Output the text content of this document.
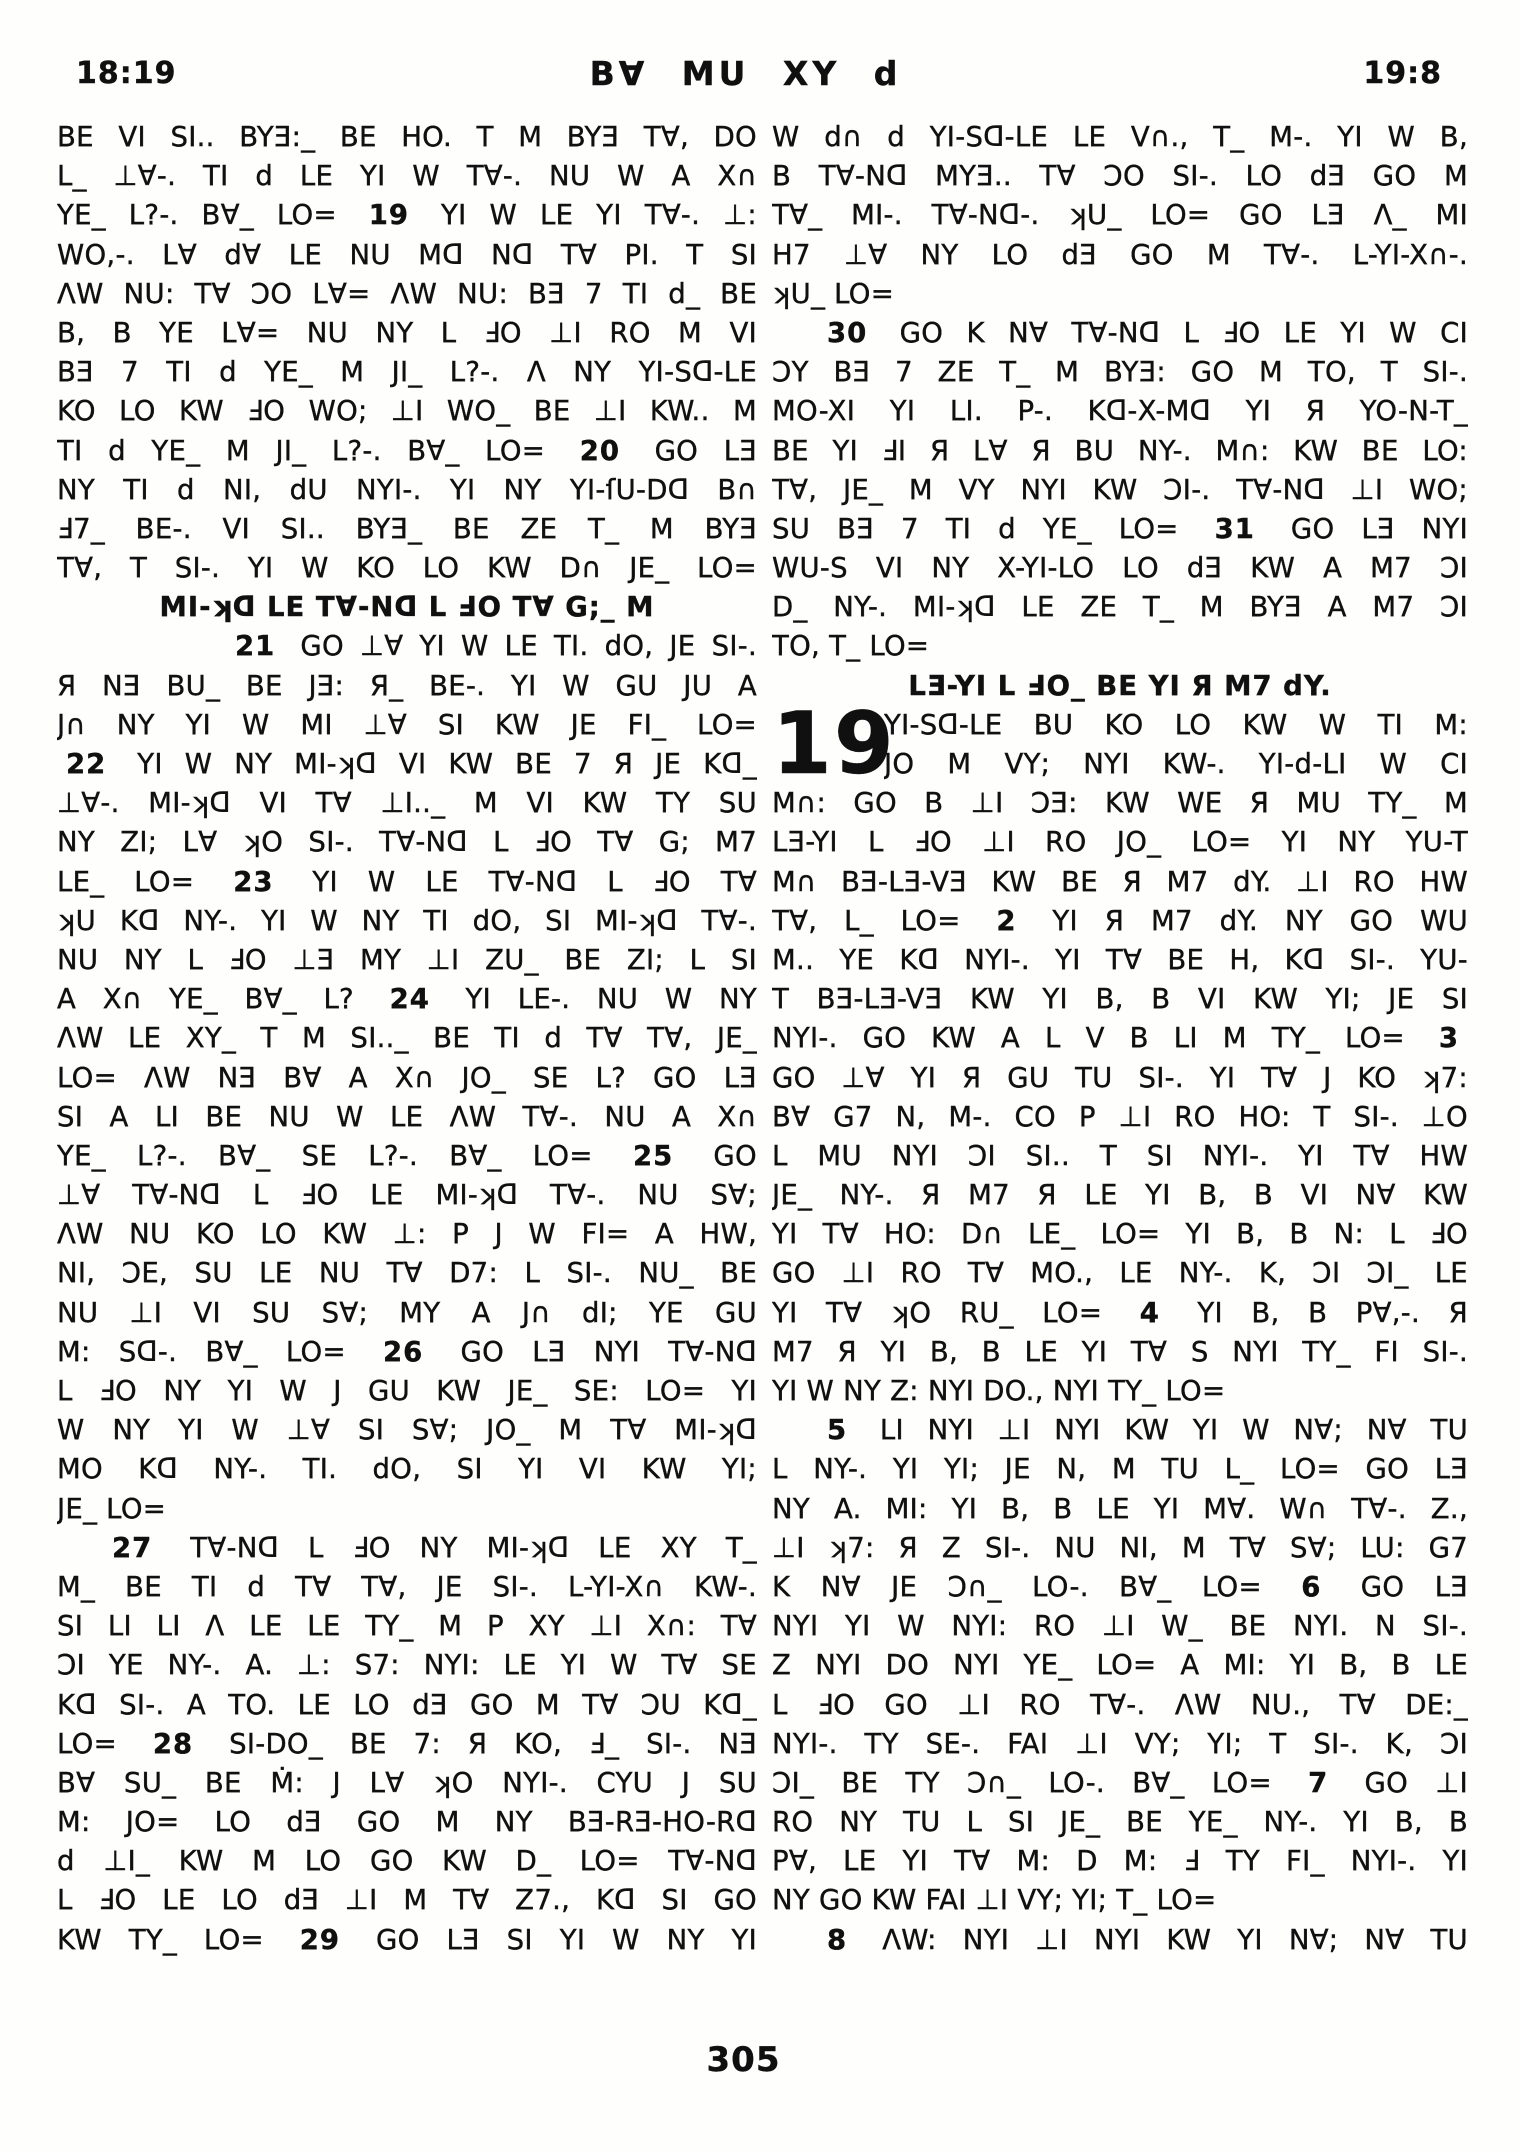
18:19	B∀ MU XY d	19:8
BE VI SI.. BYƎ:_ BE HO. T M BYƎ T∀, DO
L_ ⊥∀-. TI d LE YI W T∀-. NU W A X∩
YE_ L?-. B∀_ LO= 19 YI W LE YI T∀-. ⊥:
WO,-. L∀ d∀ LE NU Mᗡ Nᗡ T∀ PI. T SI
ɅW NU: T∀ ƆO L∀= ɅW NU: BƎ 7 TI d_ BE
B, B YE L∀= NU NY L ℲO ⊥I RO M VI
BƎ 7 TI d YE_ M JI_ L?-. Ʌ NY YI-Sᗡ-LE
KO LO KW ℲO WO; ⊥I WO_ BE ⊥I KW.. M
TI d YE_ M JI_ L?-. B∀_ LO= 20 GO LƎ
NY TI d NI, dU NYI-. YI NY YI-ſU-Dᗡ B∩
Ⅎ7_ BE-. VI SI.. BYƎ_ BE ZE T_ M BYƎ
T∀, T SI-. YI W KO LO KW D∩ JE_ LO=
MI-ʞᗡ LE T∀-Nᗡ L ℲO T∀ G;_ M
21 GO ⊥∀ YI W LE TI. dO, JE SI-.
Я NƎ BU_ BE JƎ: Я_ BE-. YI W GU JU A
J∩ NY YI W MI ⊥∀ SI KW JE FI_ LO=
22 YI W NY MI-ʞᗡ VI KW BE 7 Я JE Kᗡ_
⊥∀-. MI-ʞᗡ VI T∀ ⊥I.._ M VI KW TY SU
NY ZI; L∀ ʞO SI-. T∀-Nᗡ L ℲO T∀ G; M7
LE_ LO= 23 YI W LE T∀-Nᗡ L ℲO T∀
ʞU Kᗡ NY-. YI W NY TI dO, SI MI-ʞᗡ T∀-.
NU NY L ℲO ⊥Ǝ MY ⊥I ZU_ BE ZI; L SI
A X∩ YE_ B∀_ L? 24 YI LE-. NU W NY
ɅW LE XY_ T M SI.._ BE TI d T∀ T∀, JE_
LO= ɅW NƎ B∀ A X∩ JO_ SE L? GO LƎ
SI A LI BE NU W LE ɅW T∀-. NU A X∩
YE_ L?-. B∀_ SE L?-. B∀_ LO= 25 GO
⊥∀ T∀-Nᗡ L ℲO LE MI-ʞᗡ T∀-. NU S∀;
ɅW NU KO LO KW ⊥: P J W FI= A HW,
NI, ƆE, SU LE NU T∀ D7: L SI-. NU_ BE
NU ⊥I VI SU S∀; MY A J∩ dI; YE GU
M: Sᗡ-. B∀_ LO= 26 GO LƎ NYI T∀-Nᗡ
L ℲO NY YI W J GU KW JE_ SE: LO= YI
W NY YI W ⊥∀ SI S∀; JO_ M T∀ MI-ʞᗡ
MO Kᗡ NY-. TI. dO, SI YI VI KW YI;
JE_ LO=
27 T∀-Nᗡ L ℲO NY MI-ʞᗡ LE XY T_
M_ BE TI d T∀ T∀, JE SI-. L-YI-X∩ KW-.
SI LI LI Ʌ LE LE TY_ M P XY ⊥I X∩: T∀
ƆI YE NY-. A. ⊥: S7: NYI: LE YI W T∀ SE
Kᗡ SI-. A TO. LE LO dƎ GO M T∀ ƆU Kᗡ_
LO= 28 SI-DO_ BE 7: Я KO, Ⅎ_ SI-. NƎ
B∀ SU_ BE Ṁ: J L∀ ʞO NYI-. CYU J SU
M: JO= LO dƎ GO M NY BƎ-RƎ-HO-Rᗡ
d ⊥I_ KW M LO GO KW D_ LO= T∀-Nᗡ
L ℲO LE LO dƎ ⊥I M T∀ Z7., Kᗡ SI GO
KW TY_ LO= 29 GO LƎ SI YI W NY YI
W d∩ d YI-Sᗡ-LE LE V∩., T_ M-. YI W B,
B T∀-Nᗡ MYƎ.. T∀ ƆO SI-. LO dƎ GO M
T∀_ MI-. T∀-Nᗡ-. ʞU_ LO= GO LƎ Ʌ_ MI
H7 ⊥∀ NY LO dƎ GO M T∀-. L-YI-X∩-.
ʞU_ LO=
30 GO K N∀ T∀-Nᗡ L ℲO LE YI W CI
ƆY BƎ 7 ZE T_ M BYƎ: GO M TO, T SI-.
MO-XI YI LI. P-. Kᗡ-X-Mᗡ YI Я YO-N-T_
BE YI ℲI Я L∀ Я BU NY-. M∩: KW BE LO:
T∀, JE_ M VY NYI KW ƆI-. T∀-Nᗡ ⊥I WO;
SU BƎ 7 TI d YE_ LO= 31 GO LƎ NYI
WU-S VI NY X-YI-LO LO dƎ KW A M7 ƆI
D_ NY-. MI-ʞᗡ LE ZE T_ M BYƎ A M7 ƆI
TO, T_ LO=
LƎ-YI L ℲO_ BE YI Я M7 dY.
19
YI-Sᗡ-LE BU KO LO KW W TI M:
JO M VY; NYI KW-. YI-d-LI W CI
M∩: GO B ⊥I ƆƎ: KW WE Я MU TY_ M
LƎ-YI L ℲO ⊥I RO JO_ LO= YI NY YU-T
M∩ BƎ-LƎ-VƎ KW BE Я M7 dY. ⊥I RO HW
T∀, L_ LO= 2 YI Я M7 dY. NY GO WU
M.. YE Kᗡ NYI-. YI T∀ BE H, Kᗡ SI-. YU-
T BƎ-LƎ-VƎ KW YI B, B VI KW YI; JE SI
NYI-. GO KW A L V B LI M TY_ LO= 3
GO ⊥∀ YI Я GU TU SI-. YI T∀ J KO ʞ7:
B∀ G7 N, M-. CO P ⊥I RO HO: T SI-. ⊥O
L MU NYI ƆI SI.. T SI NYI-. YI T∀ HW
JE_ NY-. Я M7 Я LE YI B, B VI N∀ KW
YI T∀ HO: D∩ LE_ LO= YI B, B N: L ℲO
GO ⊥I RO T∀ MO., LE NY-. K, ƆI ƆI_ LE
YI T∀ ʞO RU_ LO= 4 YI B, B P∀,-. Я
M7 Я YI B, B LE YI T∀ S NYI TY_ FI SI-.
YI W NY Z: NYI DO., NYI TY_ LO=
5 LI NYI ⊥I NYI KW YI W N∀; N∀ TU
L NY-. YI YI; JE N, M TU L_ LO= GO LƎ
NY A. MI: YI B, B LE YI M∀. W∩ T∀-. Z.,
⊥I ʞ7: Я Z SI-. NU NI, M T∀ S∀; LU: G7
K N∀ JE Ɔ∩_ LO-. B∀_ LO= 6 GO LƎ
NYI YI W NYI: RO ⊥I W_ BE NYI. N SI-.
Z NYI DO NYI YE_ LO= A MI: YI B, B LE
L ℲO GO ⊥I RO T∀-. ɅW NU., T∀ DE:_
NYI-. TY SE-. FAI ⊥I VY; YI; T SI-. K, ƆI
ƆI_ BE TY Ɔ∩_ LO-. B∀_ LO= 7 GO ⊥I
RO NY TU L SI JE_ BE YE_ NY-. YI B, B
P∀, LE YI T∀ M: D M: Ⅎ TY FI_ NYI-. YI
NY GO KW FAI ⊥I VY; YI; T_ LO=
8 ɅW: NYI ⊥I NYI KW YI N∀; N∀ TU
305
